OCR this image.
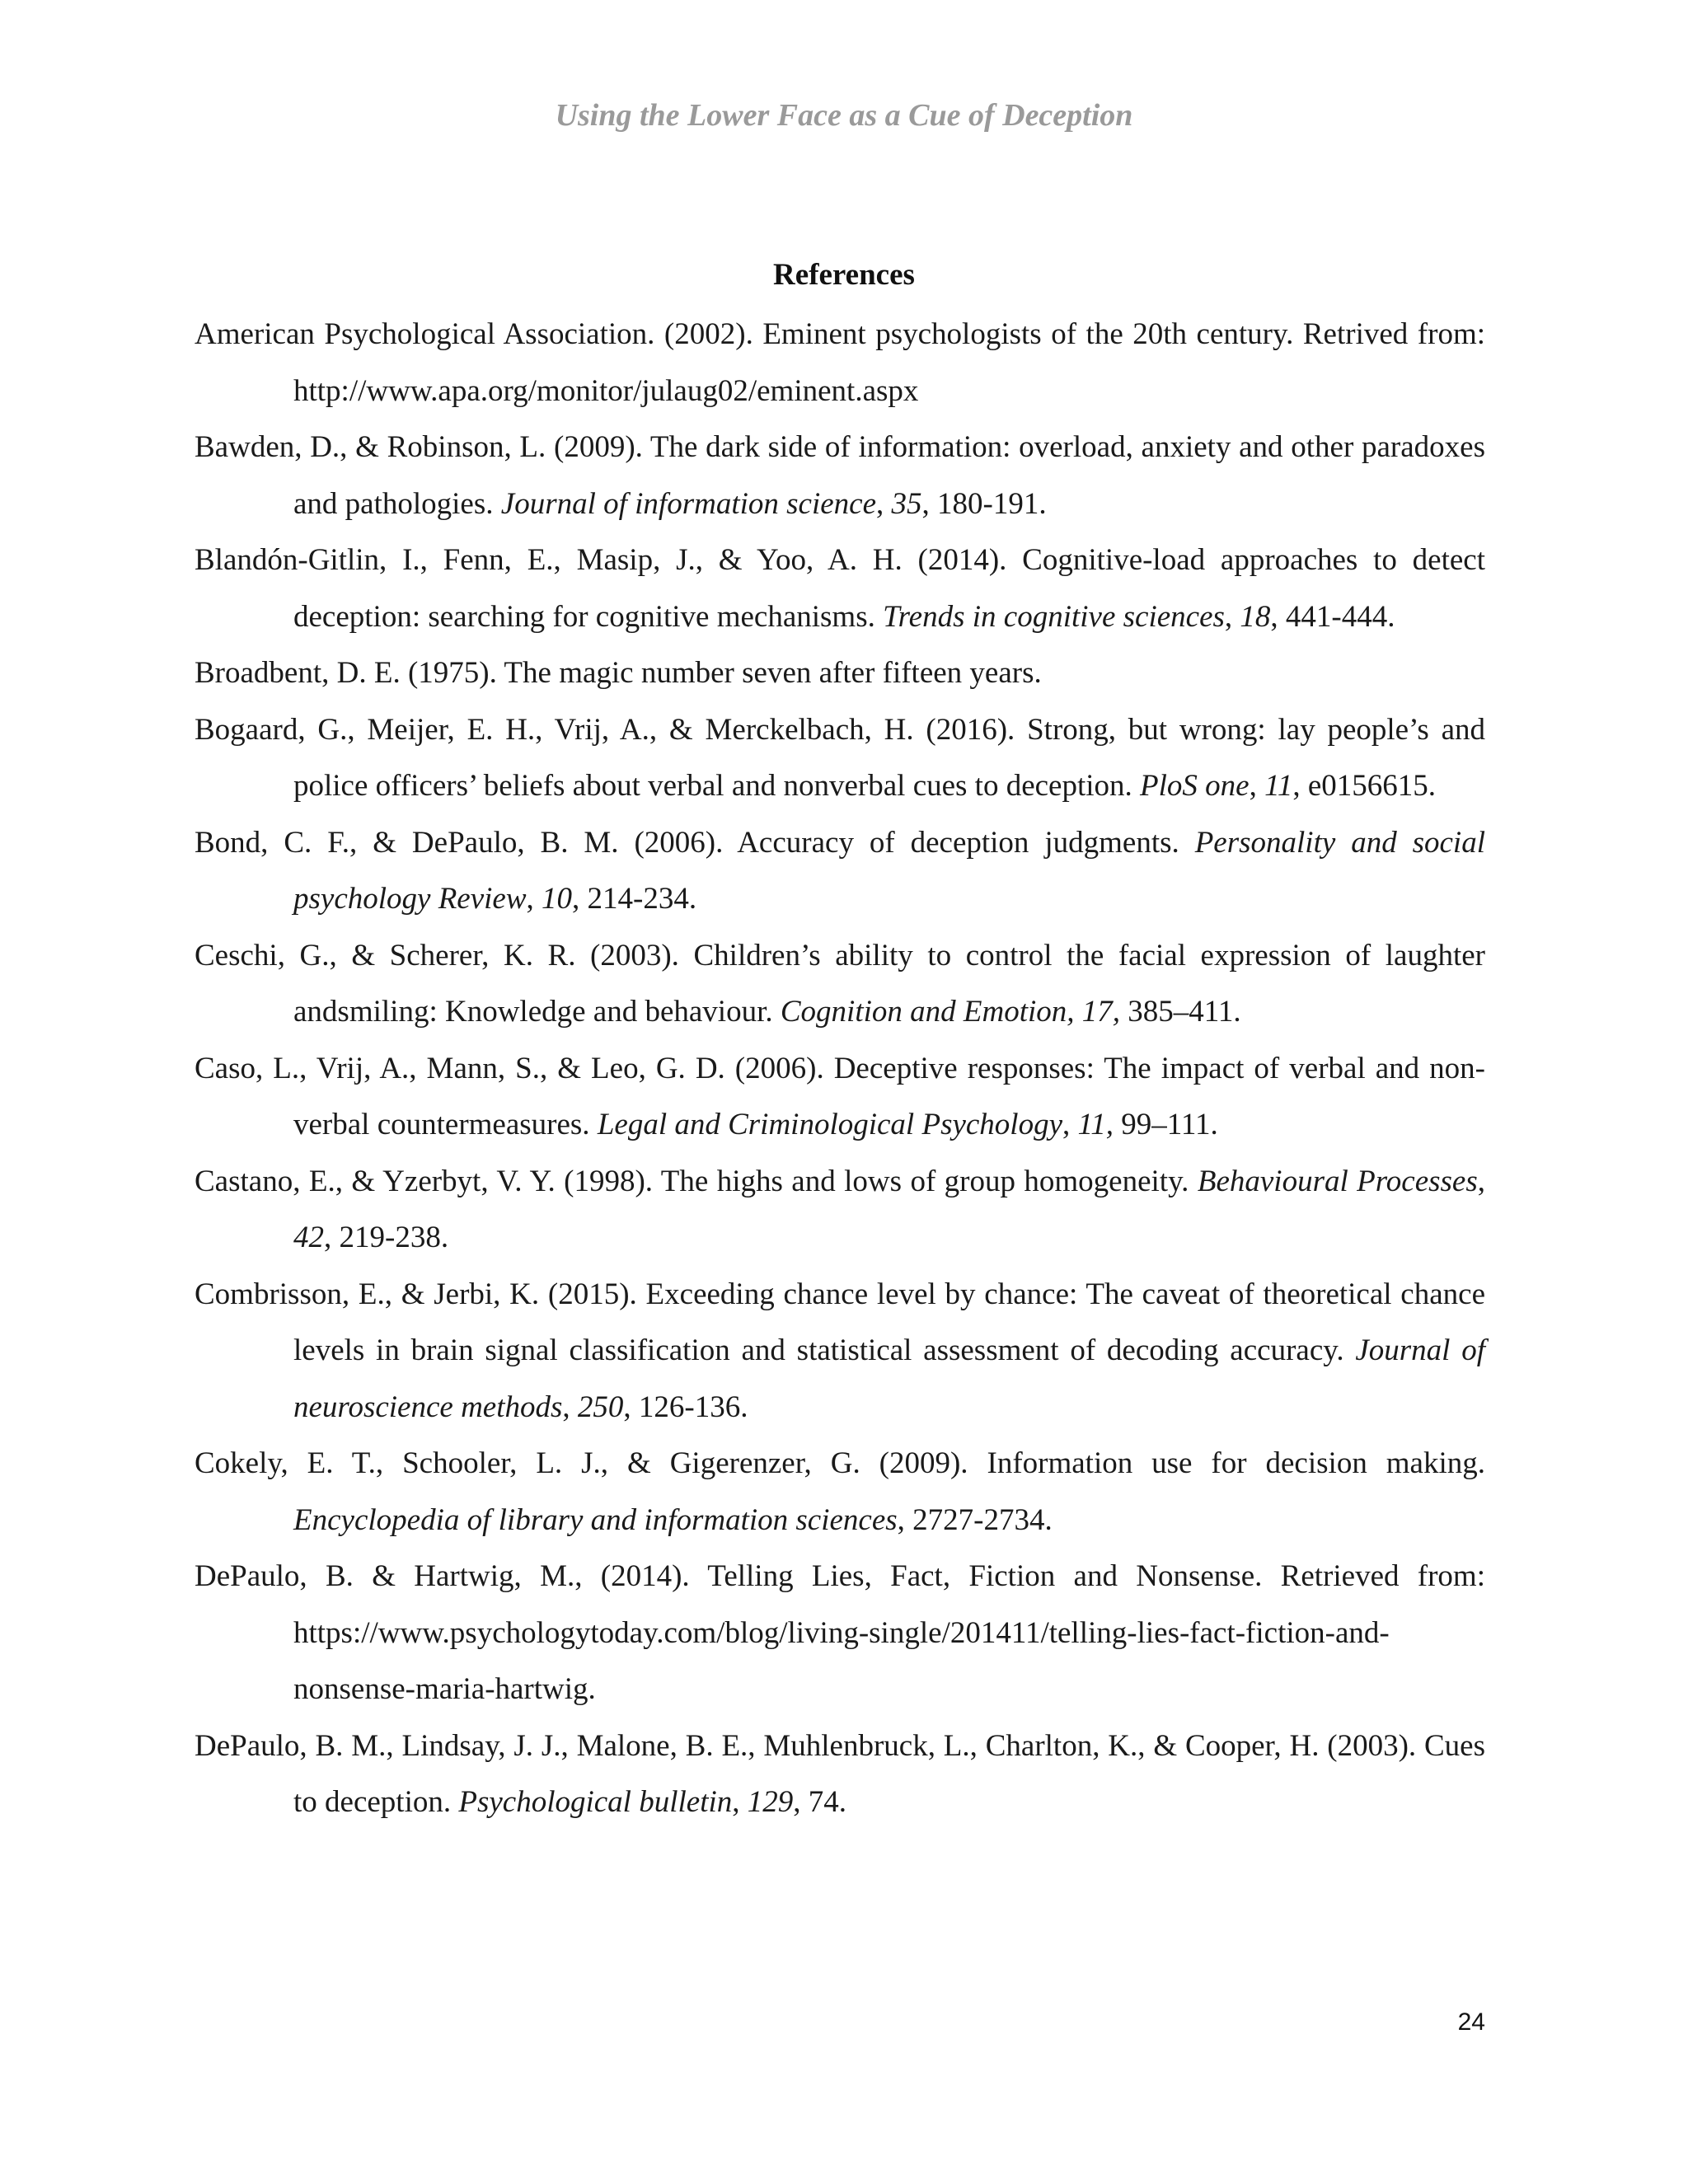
Using the Lower Face as a Cue of Deception
References
American Psychological Association. (2002). Eminent psychologists of the 20th century. Retrived from: http://www.apa.org/monitor/julaug02/eminent.aspx
Bawden, D., & Robinson, L. (2009). The dark side of information: overload, anxiety and other paradoxes and pathologies. Journal of information science, 35, 180-191.
Blandón-Gitlin, I., Fenn, E., Masip, J., & Yoo, A. H. (2014). Cognitive-load approaches to detect deception: searching for cognitive mechanisms. Trends in cognitive sciences, 18, 441-444.
Broadbent, D. E. (1975). The magic number seven after fifteen years.
Bogaard, G., Meijer, E. H., Vrij, A., & Merckelbach, H. (2016). Strong, but wrong: lay people’s and police officers’ beliefs about verbal and nonverbal cues to deception. PloS one, 11, e0156615.
Bond, C. F., & DePaulo, B. M. (2006). Accuracy of deception judgments. Personality and social psychology Review, 10, 214-234.
Ceschi, G., & Scherer, K. R. (2003). Children’s ability to control the facial expression of laughter andsmiling: Knowledge and behaviour. Cognition and Emotion, 17, 385–411.
Caso, L., Vrij, A., Mann, S., & Leo, G. D. (2006). Deceptive responses: The impact of verbal and non-verbal countermeasures. Legal and Criminological Psychology, 11, 99–111.
Castano, E., & Yzerbyt, V. Y. (1998). The highs and lows of group homogeneity. Behavioural Processes, 42, 219-238.
Combrisson, E., & Jerbi, K. (2015). Exceeding chance level by chance: The caveat of theoretical chance levels in brain signal classification and statistical assessment of decoding accuracy. Journal of neuroscience methods, 250, 126-136.
Cokely, E. T., Schooler, L. J., & Gigerenzer, G. (2009). Information use for decision making. Encyclopedia of library and information sciences, 2727-2734.
DePaulo, B. & Hartwig, M., (2014). Telling Lies, Fact, Fiction and Nonsense. Retrieved from: https://www.psychologytoday.com/blog/living-single/201411/telling-lies-fact-fiction-and-nonsense-maria-hartwig.
DePaulo, B. M., Lindsay, J. J., Malone, B. E., Muhlenbruck, L., Charlton, K., & Cooper, H. (2003). Cues to deception. Psychological bulletin, 129, 74.
24
